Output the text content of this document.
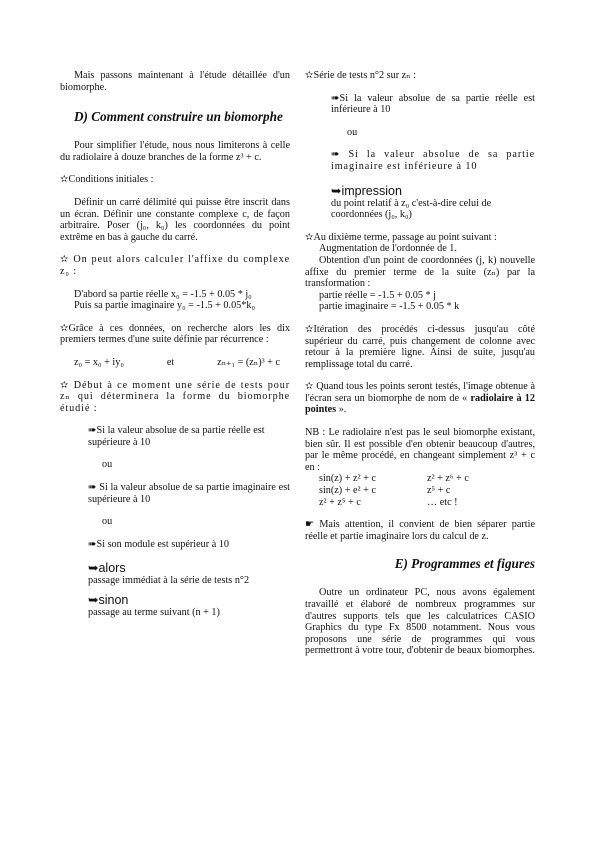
Mais passons maintenant à l'étude détaillée d'un biomorphe.

D) Comment construire un biomorphe

Pour simplifier l'étude, nous nous limiterons à celle du radiolaire à douze branches de la forme z³ + c.

✫Conditions initiales :

Définir un carré délimité qui puisse être inscrit dans un écran. Définir une constante complexe c, de façon arbitraire. Poser (j₀, k₀) les coordonnées du point extrême en bas à gauche du carré.

✫ On peut alors calculer l'affixe du complexe z₀ :

D'abord sa partie réelle x₀ = -1.5 + 0.05 * j₀

Puis sa partie imaginaire y₀ = -1.5 + 0.05*k₀

✫Grâce à ces données, on recherche alors les dix premiers termes d'une suite définie par récurrence :

z₀ = x₀ + iy₀	et	zₙ₊₁ = (zₙ)³ + c

✫ Début à ce moment une série de tests pour zₙ qui déterminera la forme du biomorphe étudié :

➠Si la valeur absolue de sa partie réelle est supérieure à 10

ou

➠ Si la valeur absolue de sa partie imaginaire est supérieure à 10

ou

➠Si son module est supérieur à 10

➥alors

passage immédiat à la série de tests n°2

➥sinon

passage au terme suivant (n + 1)

✫Série de tests n°2 sur zₙ :

➠Si la valeur absolue de sa partie réelle est inférieure à 10

ou

➠ Si la valeur absolue de sa partie imaginaire est inférieure à 10

➥impression

du point relatif à z₀ c'est-à-dire celui de coordonnées (j₀, k₀)

✫Au dixième terme, passage au point suivant :

Augmentation de l'ordonnée de 1.

Obtention d'un point de coordonnées (j, k) nouvelle affixe du premier terme de la suite (zₙ) par la transformation :

partie réelle = -1.5 + 0.05 * j

partie imaginaire = -1.5 + 0.05 * k

✫Itération des procédés ci-dessus jusqu'au côté supérieur du carré, puis changement de colonne avec retour à la première ligne. Ainsi de suite, jusqu'au remplissage total du carré.

✫ Quand tous les points seront testés, l'image obtenue à l'écran sera un biomorphe de nom de « radiolaire à 12 pointes ».

NB : Le radiolaire n'est pas le seul biomorphe existant, bien sûr. Il est possible d'en obtenir beaucoup d'autres, par le même procédé, en changeant simplement z³ + c en :

sin(z) + z² + c	z² + z⁶ + c
sin(z) + e² + c	z⁵ + c
z² + z⁵ + c	… etc !

☛ Mais attention, il convient de bien séparer partie réelle et partie imaginaire lors du calcul de z.

E) Programmes et figures

Outre un ordinateur PC, nous avons également travaillé et élaboré de nombreux programmes sur d'autres supports tels que les calculatrices CASIO Graphics du type Fx 8500 notamment. Nous vous proposons une série de programmes qui vous permettront à votre tour, d'obtenir de beaux biomorphes.
